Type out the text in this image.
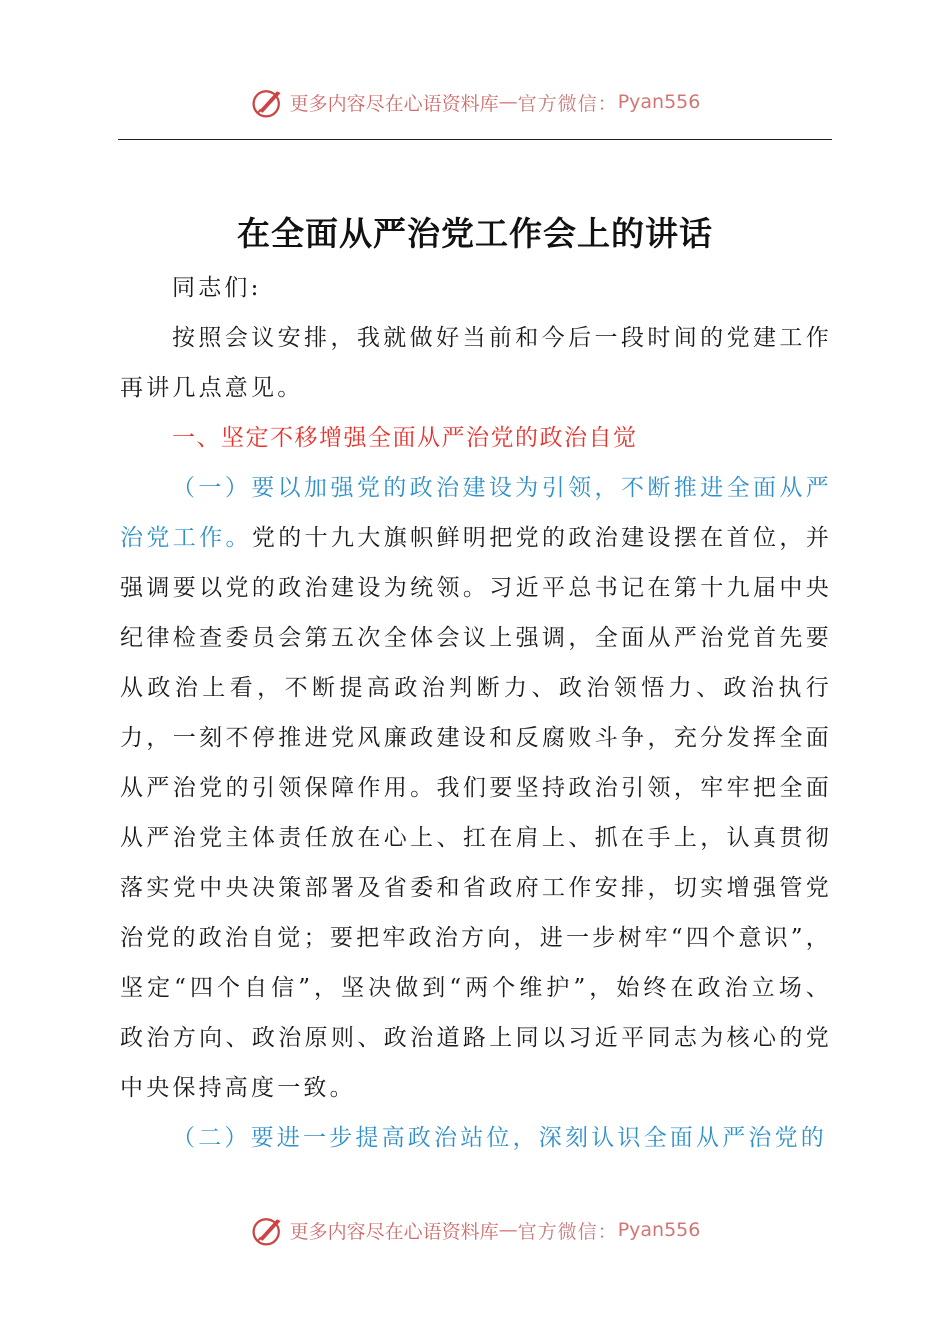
更多内容尽在心语资料库 — 官方微信： Pyan556
在全面从严治党工作会上的讲话

同志们:

按照会议安排，我就做好当前和今后一段时间的党建工作再讲几点意见。

一、坚定不移增强全面从严治党的政治自觉

（一）要以加强党的政治建设为引领，不断推进全面从严治党工作。党的十九大旗帜鲜明把党的政治建设摆在首位，并强调要以党的政治建设为统领。习近平总书记在第十九届中央纪律检查委员会第五次全体会议上强调，全面从严治党首先要从政治上看，不断提高政治判断力、政治领悟力、政治执行力，一刻不停推进党风廉政建设和反腐败斗争，充分发挥全面从严治党的引领保障作用。我们要坚持政治引领，牢牢把全面从严治党主体责任放在心上、扛在肩上、抓在手上，认真贯彻落实党中央决策部署及省委和省政府工作安排，切实增强管党治党的政治自觉；要把牢政治方向，进一步树牢“四个意识”，坚定“四个自信”，坚决做到“两个维护”，始终在政治立场、政治方向、政治原则、政治道路上同以习近平同志为核心的党中央保持高度一致。

（二）要进一步提高政治站位，深刻认识全面从严治党的

更多内容尽在心语资料库 — 官方微信： Pyan556
